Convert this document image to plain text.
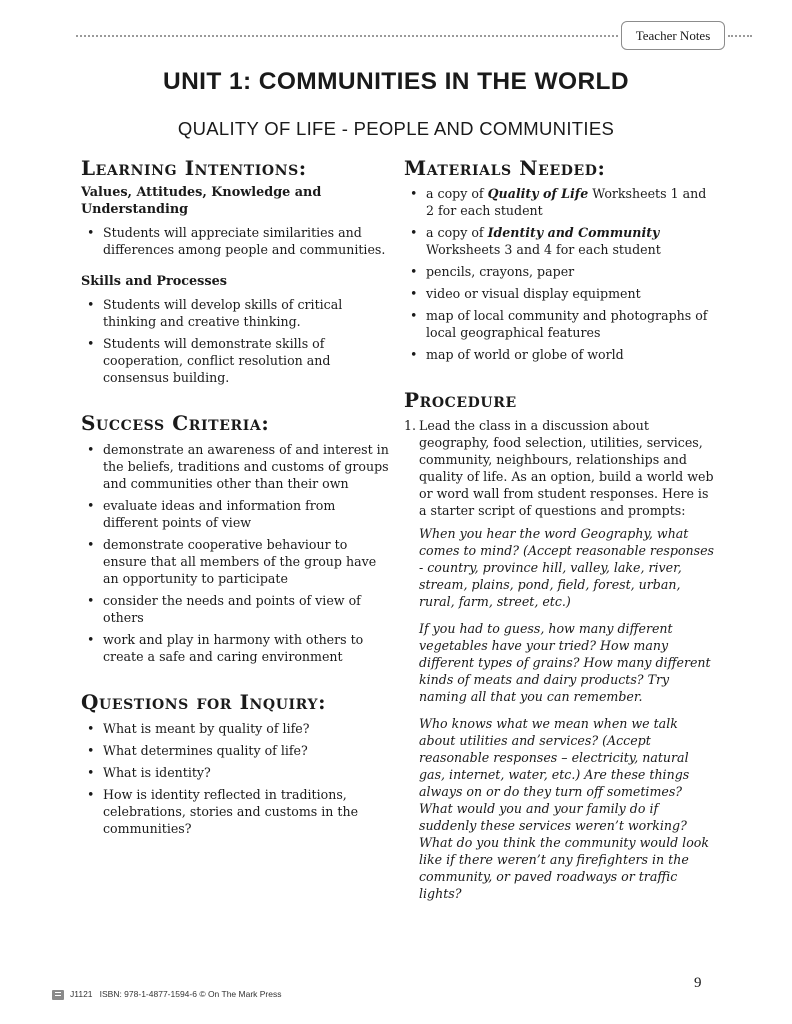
Teacher Notes
UNIT 1: COMMUNITIES IN THE WORLD
QUALITY OF LIFE - PEOPLE AND COMMUNITIES
Learning Intentions:
Values, Attitudes, Knowledge and Understanding
• Students will appreciate similarities and differences among people and communities.
Skills and Processes
• Students will develop skills of critical thinking and creative thinking.
• Students will demonstrate skills of cooperation, conflict resolution and consensus building.
Success Criteria:
• demonstrate an awareness of and interest in the beliefs, traditions and customs of groups and communities other than their own
• evaluate ideas and information from different points of view
• demonstrate cooperative behaviour to ensure that all members of the group have an opportunity to participate
• consider the needs and points of view of others
• work and play in harmony with others to create a safe and caring environment
Questions for Inquiry:
• What is meant by quality of life?
• What determines quality of life?
• What is identity?
• How is identity reflected in traditions, celebrations, stories and customs in the communities?
Materials Needed:
• a copy of Quality of Life Worksheets 1 and 2 for each student
• a copy of Identity and Community Worksheets 3 and 4 for each student
• pencils, crayons, paper
• video or visual display equipment
• map of local community and photographs of local geographical features
• map of world or globe of world
Procedure
1. Lead the class in a discussion about geography, food selection, utilities, services, community, neighbours, relationships and quality of life. As an option, build a world web or word wall from student responses. Here is a starter script of questions and prompts:
When you hear the word Geography, what comes to mind? (Accept reasonable responses - country, province hill, valley, lake, river, stream, plains, pond, field, forest, urban, rural, farm, street, etc.)
If you had to guess, how many different vegetables have your tried? How many different types of grains? How many different kinds of meats and dairy products? Try naming all that you can remember.
Who knows what we mean when we talk about utilities and services? (Accept reasonable responses – electricity, natural gas, internet, water, etc.) Are these things always on or do they turn off sometimes? What would you and your family do if suddenly these services weren’t working? What do you think the community would look like if there weren’t any firefighters in the community, or paved roadways or traffic lights?
J1121 ISBN: 978-1-4877-1594-6 © On The Mark Press
9
